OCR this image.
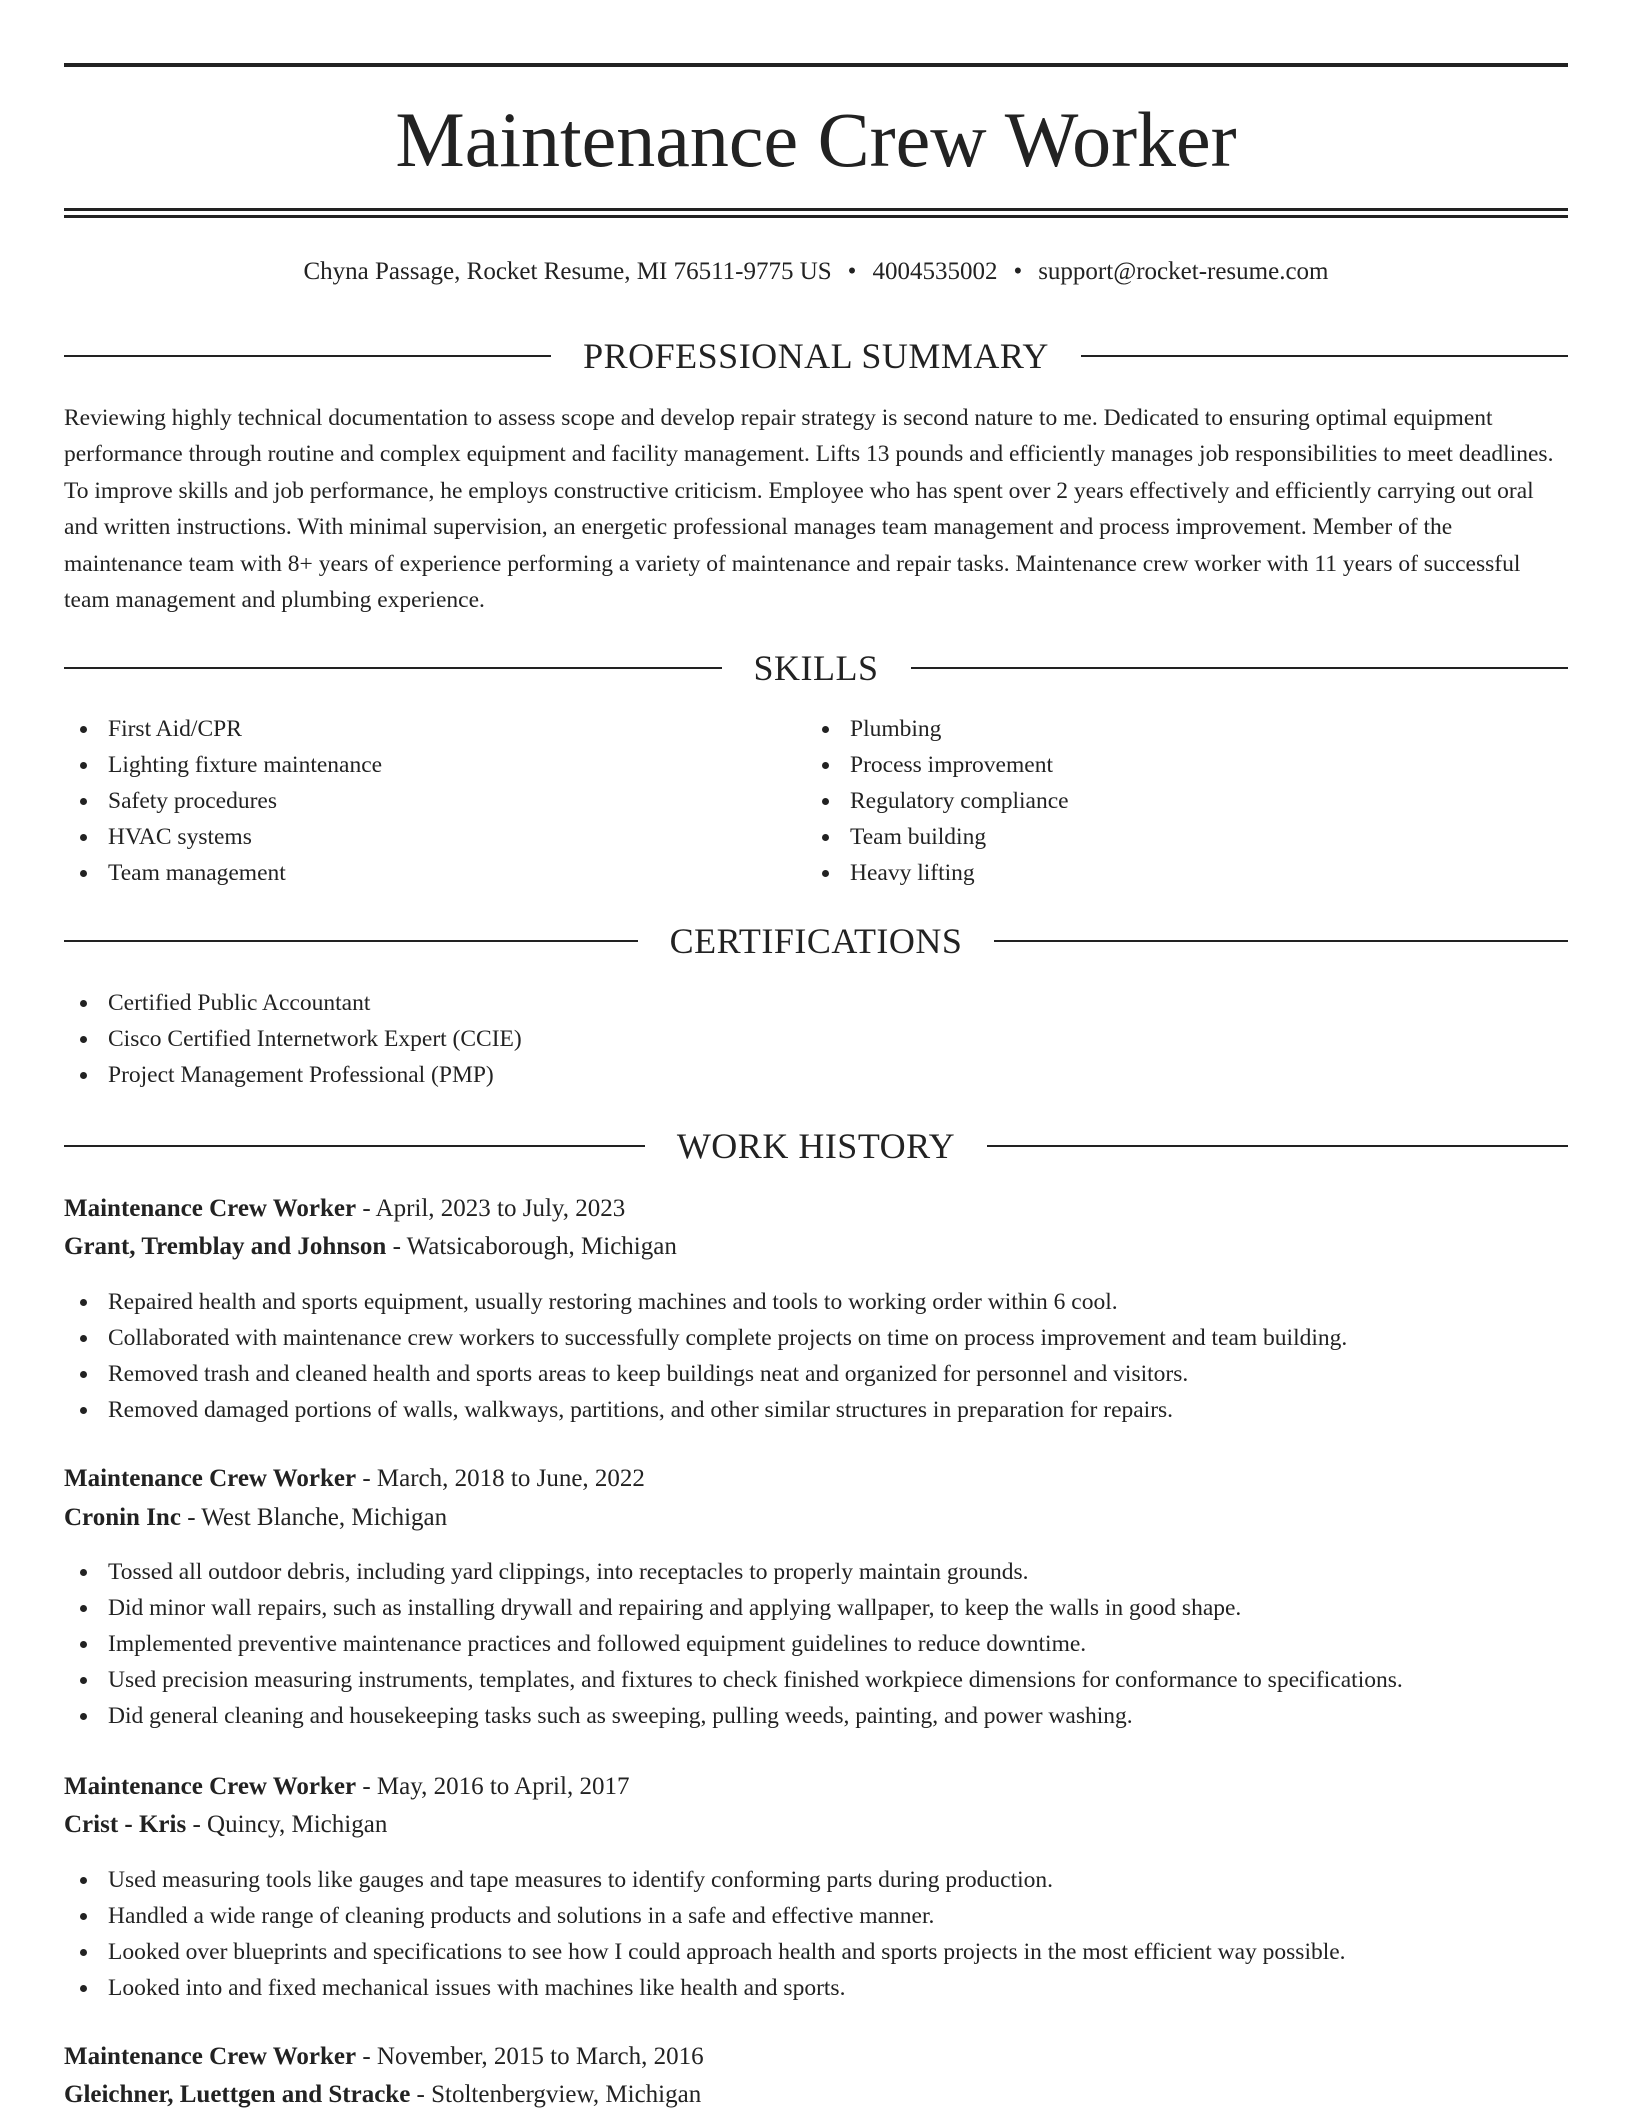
Maintenance Crew Worker
Chyna Passage, Rocket Resume, MI 76511-9775 US • 4004535002 • support@rocket-resume.com
PROFESSIONAL SUMMARY

Reviewing highly technical documentation to assess scope and develop repair strategy is second nature to me. Dedicated to ensuring optimal equipment performance through routine and complex equipment and facility management. Lifts 13 pounds and efficiently manages job responsibilities to meet deadlines. To improve skills and job performance, he employs constructive criticism. Employee who has spent over 2 years effectively and efficiently carrying out oral and written instructions. With minimal supervision, an energetic professional manages team management and process improvement. Member of the maintenance team with 8+ years of experience performing a variety of maintenance and repair tasks. Maintenance crew worker with 11 years of successful team management and plumbing experience.

SKILLS
First Aid/CPR
Lighting fixture maintenance
Safety procedures
HVAC systems
Team management
Plumbing
Process improvement
Regulatory compliance
Team building
Heavy lifting
CERTIFICATIONS
Certified Public Accountant
Cisco Certified Internetwork Expert (CCIE)
Project Management Professional (PMP)
WORK HISTORY
Maintenance Crew Worker - April, 2023 to July, 2023
Grant, Tremblay and Johnson - Watsicaborough, Michigan
Repaired health and sports equipment, usually restoring machines and tools to working order within 6 cool.
Collaborated with maintenance crew workers to successfully complete projects on time on process improvement and team building.
Removed trash and cleaned health and sports areas to keep buildings neat and organized for personnel and visitors.
Removed damaged portions of walls, walkways, partitions, and other similar structures in preparation for repairs.
Maintenance Crew Worker - March, 2018 to June, 2022
Cronin Inc - West Blanche, Michigan
Tossed all outdoor debris, including yard clippings, into receptacles to properly maintain grounds.
Did minor wall repairs, such as installing drywall and repairing and applying wallpaper, to keep the walls in good shape.
Implemented preventive maintenance practices and followed equipment guidelines to reduce downtime.
Used precision measuring instruments, templates, and fixtures to check finished workpiece dimensions for conformance to specifications.
Did general cleaning and housekeeping tasks such as sweeping, pulling weeds, painting, and power washing.
Maintenance Crew Worker - May, 2016 to April, 2017
Crist - Kris - Quincy, Michigan
Used measuring tools like gauges and tape measures to identify conforming parts during production.
Handled a wide range of cleaning products and solutions in a safe and effective manner.
Looked over blueprints and specifications to see how I could approach health and sports projects in the most efficient way possible.
Looked into and fixed mechanical issues with machines like health and sports.
Maintenance Crew Worker - November, 2015 to March, 2016
Gleichner, Luettgen and Stracke - Stoltenbergview, Michigan
